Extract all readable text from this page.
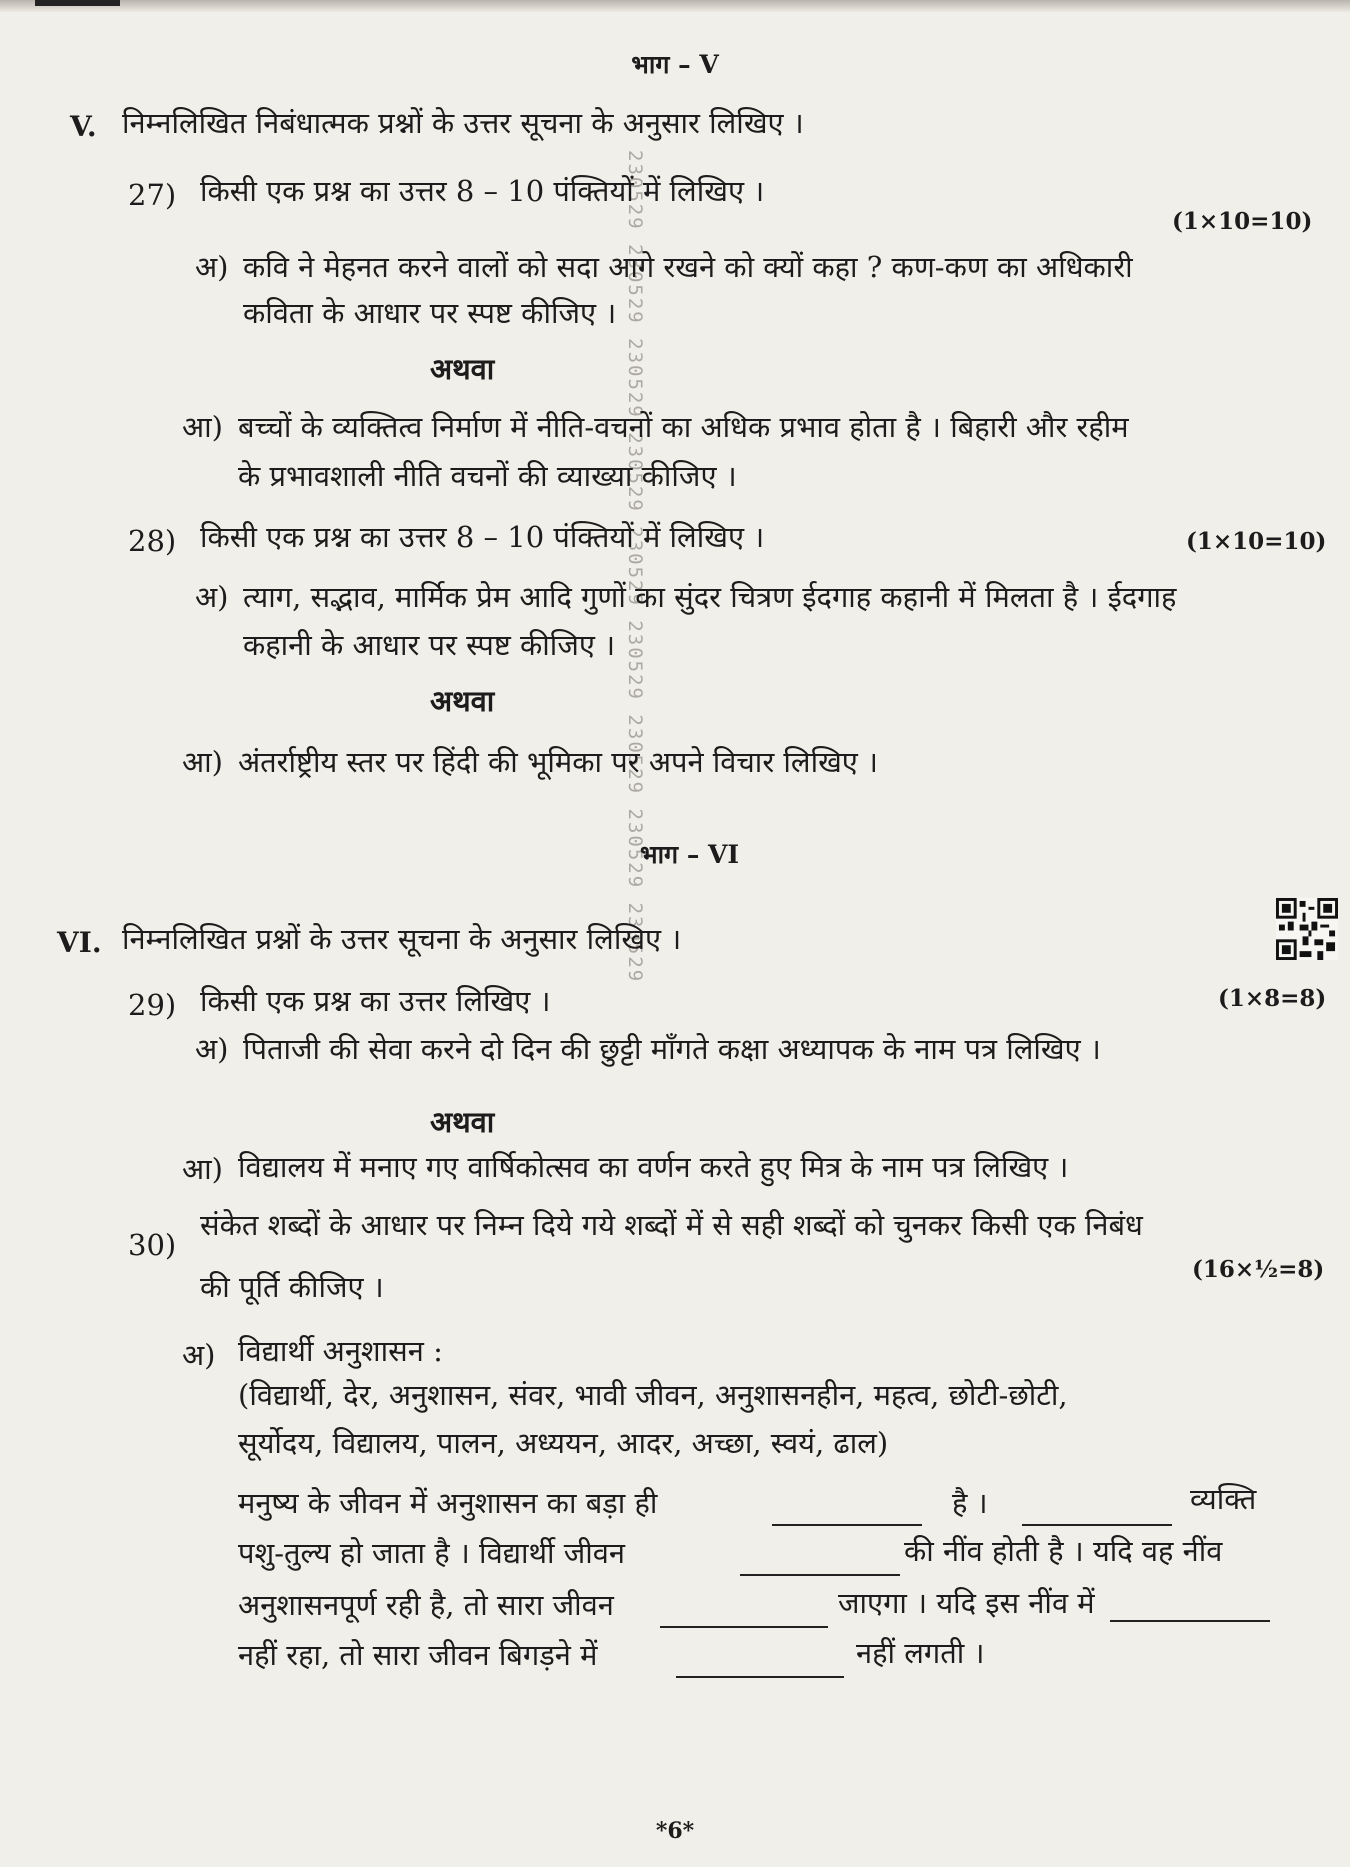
230529 230529 230529 230529 230529 230529 230529 230529 230529
भाग – V
V. निम्नलिखित निबंधात्मक प्रश्नों के उत्तर सूचना के अनुसार लिखिए ।
27) किसी एक प्रश्न का उत्तर 8 – 10 पंक्तियों में लिखिए ।
(1×10=10)
अ) कवि ने मेहनत करने वालों को सदा आगे रखने को क्यों कहा ? कण-कण का अधिकारी
कविता के आधार पर स्पष्ट कीजिए ।
अथवा
आ) बच्चों के व्यक्तित्व निर्माण में नीति-वचनों का अधिक प्रभाव होता है । बिहारी और रहीम
के प्रभावशाली नीति वचनों की व्याख्या कीजिए ।
28) किसी एक प्रश्न का उत्तर 8 – 10 पंक्तियों में लिखिए ।	(1×10=10)
अ) त्याग, सद्भाव, मार्मिक प्रेम आदि गुणों का सुंदर चित्रण ईदगाह कहानी में मिलता है । ईदगाह
कहानी के आधार पर स्पष्ट कीजिए ।
अथवा
आ) अंतर्राष्ट्रीय स्तर पर हिंदी की भूमिका पर अपने विचार लिखिए ।
भाग – VI
VI. निम्नलिखित प्रश्नों के उत्तर सूचना के अनुसार लिखिए ।
29) किसी एक प्रश्न का उत्तर लिखिए ।	(1×8=8)
अ) पिताजी की सेवा करने दो दिन की छुट्टी माँगते कक्षा अध्यापक के नाम पत्र लिखिए ।
अथवा
आ) विद्यालय में मनाए गए वार्षिकोत्सव का वर्णन करते हुए मित्र के नाम पत्र लिखिए ।
30)
संकेत शब्दों के आधार पर निम्न दिये गये शब्दों में से सही शब्दों को चुनकर किसी एक निबंध
की पूर्ति कीजिए ।
(16×½=8)
अ) विद्यार्थी अनुशासन :
(विद्यार्थी, देर, अनुशासन, संवर, भावी जीवन, अनुशासनहीन, महत्व, छोटी-छोटी,
सूर्योदय, विद्यालय, पालन, अध्ययन, आदर, अच्छा, स्वयं, ढाल)
मनुष्य के जीवन में अनुशासन का बड़ा ही	है ।	व्यक्ति
पशु-तुल्य हो जाता है । विद्यार्थी जीवन	की नींव होती है । यदि वह नींव
अनुशासनपूर्ण रही है, तो सारा जीवन	जाएगा । यदि इस नींव में
नहीं रहा, तो सारा जीवन बिगड़ने में	नहीं लगती ।
*6*
